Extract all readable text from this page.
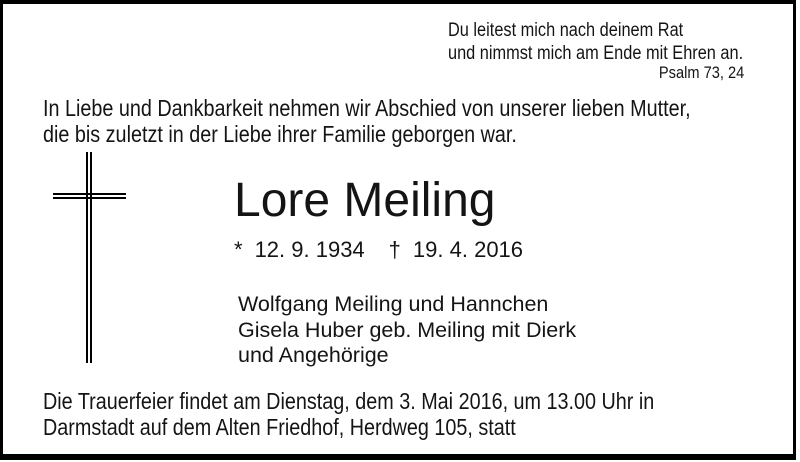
Du leitest mich nach deinem Rat
und nimmst mich am Ende mit Ehren an.
Psalm 73, 24
In Liebe und Dankbarkeit nehmen wir Abschied von unserer lieben Mutter,
die bis zuletzt in der Liebe ihrer Familie geborgen war.
Lore Meiling
* 12. 9. 1934 † 19. 4. 2016
Wolfgang Meiling und Hannchen
Gisela Huber geb. Meiling mit Dierk
und Angehörige
Die Trauerfeier findet am Dienstag, dem 3. Mai 2016, um 13.00 Uhr in
Darmstadt auf dem Alten Friedhof, Herdweg 105, statt
